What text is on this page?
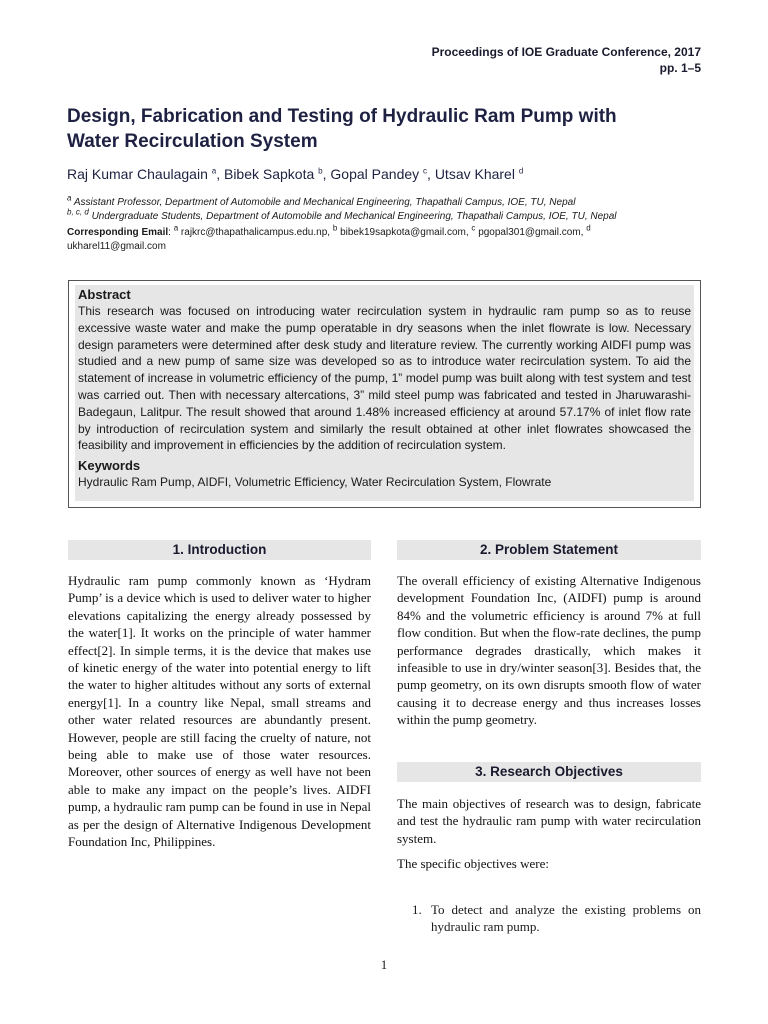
Proceedings of IOE Graduate Conference, 2017
pp. 1–5
Design, Fabrication and Testing of Hydraulic Ram Pump with
Water Recirculation System
Raj Kumar Chaulagain $^a$, Bibek Sapkota $^b$, Gopal Pandey $^c$, Utsav Kharel $^d$
$^a$ Assistant Professor, Department of Automobile and Mechanical Engineering, Thapathali Campus, IOE, TU, Nepal
$^{b, c, d}$ Undergraduate Students, Department of Automobile and Mechanical Engineering, Thapathali Campus, IOE, TU, Nepal
Corresponding Email: $^a$ rajkrc@thapathalicampus.edu.np, $^b$ bibek19sapkota@gmail.com, $^c$ pgopal301@gmail.com, $^d$
ukharel11@gmail.com

Abstract

This research was focused on introducing water recirculation system in hydraulic ram pump so as to reuse excessive waste water and make the pump operatable in dry seasons when the inlet flowrate is low. Necessary design parameters were determined after desk study and literature review. The currently working AIDFI pump was studied and a new pump of same size was developed so as to introduce water recirculation system. To aid the statement of increase in volumetric efficiency of the pump, 1” model pump was built along with test system and test was carried out. Then with necessary altercations, 3” mild steel pump was fabricated and tested in Jharuwarashi-Badegaun, Lalitpur. The result showed that around 1.48% increased efficiency at around 57.17% of inlet flow rate by introduction of recirculation system and similarly the result obtained at other inlet flowrates showcased the feasibility and improvement in efficiencies by the addition of recirculation system.

Keywords

Hydraulic Ram Pump, AIDFI, Volumetric Efficiency, Water Recirculation System, Flowrate

1. Introduction

Hydraulic ram pump commonly known as ‘Hydram Pump’ is a device which is used to deliver water to higher elevations capitalizing the energy already possessed by the water[1]. It works on the principle of water hammer effect[2]. In simple terms, it is the device that makes use of kinetic energy of the water into potential energy to lift the water to higher altitudes without any sorts of external energy[1]. In a country like Nepal, small streams and other water related resources are abundantly present. However, people are still facing the cruelty of nature, not being able to make use of those water resources. Moreover, other sources of energy as well have not been able to make any impact on the people’s lives. AIDFI pump, a hydraulic ram pump can be found in use in Nepal as per the design of Alternative Indigenous Development Foundation Inc, Philippines.

2. Problem Statement

The overall efficiency of existing Alternative Indigenous development Foundation Inc, (AIDFI) pump is around 84% and the volumetric efficiency is around 7% at full flow condition. But when the flow-rate declines, the pump performance degrades drastically, which makes it infeasible to use in dry/winter season[3]. Besides that, the pump geometry, on its own disrupts smooth flow of water causing it to decrease energy and thus increases losses within the pump geometry.

3. Research Objectives

The main objectives of research was to design, fabricate and test the hydraulic ram pump with water recirculation system.

The specific objectives were:

1. To detect and analyze the existing problems on hydraulic ram pump.
1
